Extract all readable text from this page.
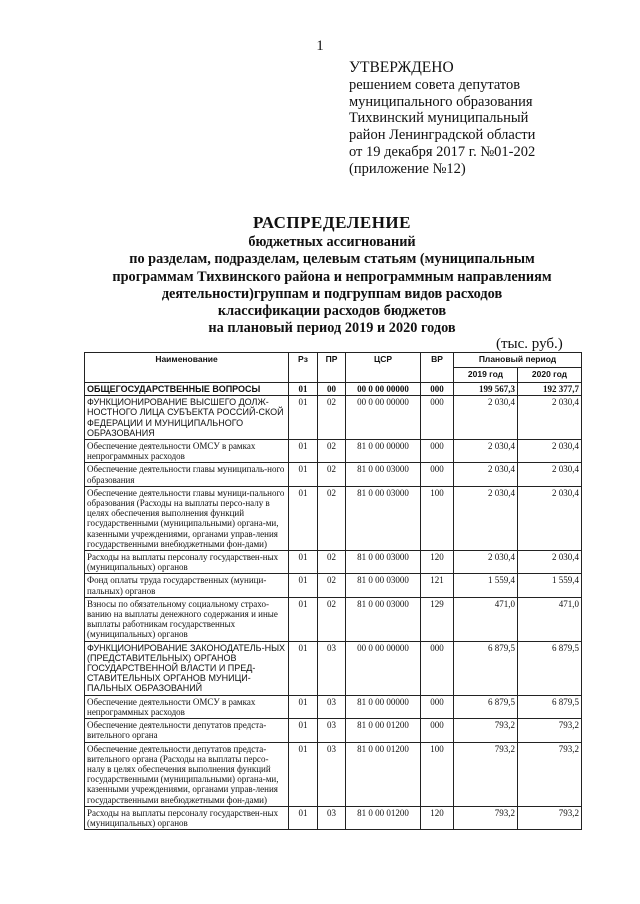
1
УТВЕРЖДЕНО
решением совета депутатов
муниципального образования
Тихвинский муниципальный
район Ленинградской области
от 19 декабря 2017 г. №01-202
(приложение №12)
РАСПРЕДЕЛЕНИЕ
бюджетных ассигнований
по разделам, подразделам, целевым статьям (муниципальным
программам Тихвинского района и непрограммным направлениям
деятельности)группам и подгруппам видов расходов
классификации расходов бюджетов
на плановый период 2019 и 2020 годов
(тыс. руб.)
Наименование	Рз	ПР	ЦСР	ВР	Плановый период	
					2019 год	2020 год
ОБЩЕГОСУДАРСТВЕННЫЕ ВОПРОСЫ	01	00	00 0 00 00000	000	199 567,3	192 377,7
ФУНКЦИОНИРОВАНИЕ ВЫСШЕГО ДОЛЖ-НОСТНОГО ЛИЦА СУБЪЕКТА РОССИЙ-СКОЙ ФЕДЕРАЦИИ И МУНИЦИПАЛЬНОГО ОБРАЗОВАНИЯ	01	02	00 0 00 00000	000	2 030,4	2 030,4
Обеспечение деятельности ОМСУ в рамках непрограммных расходов	01	02	81 0 00 00000	000	2 030,4	2 030,4
Обеспечение деятельности главы муниципаль-ного образования	01	02	81 0 00 03000	000	2 030,4	2 030,4
Обеспечение деятельности главы муници-пального образования (Расходы на выплаты персо-налу в целях обеспечения выполнения функций государственными (муниципальными) органа-ми, казенными учреждениями, органами управ-ления государственными внебюджетными фон-дами)	01	02	81 0 00 03000	100	2 030,4	2 030,4
Расходы на выплаты персоналу государствен-ных (муниципальных) органов	01	02	81 0 00 03000	120	2 030,4	2 030,4
Фонд оплаты труда государственных (муници-пальных) органов	01	02	81 0 00 03000	121	1 559,4	1 559,4
Взносы по обязательному социальному страхо-ванию на выплаты денежного содержания и иные выплаты работникам государственных (муниципальных) органов	01	02	81 0 00 03000	129	471,0	471,0
ФУНКЦИОНИРОВАНИЕ ЗАКОНОДАТЕЛЬ-НЫХ (ПРЕДСТАВИТЕЛЬНЫХ) ОРГАНОВ ГОСУДАРСТВЕННОЙ ВЛАСТИ И ПРЕД-СТАВИТЕЛЬНЫХ ОРГАНОВ МУНИЦИ-ПАЛЬНЫХ ОБРАЗОВАНИЙ	01	03	00 0 00 00000	000	6 879,5	6 879,5
Обеспечение деятельности ОМСУ в рамках непрограммных расходов	01	03	81 0 00 00000	000	6 879,5	6 879,5
Обеспечение деятельности депутатов предста-вительного органа	01	03	81 0 00 01200	000	793,2	793,2
Обеспечение деятельности депутатов предста-вительного органа (Расходы на выплаты персо-налу в целях обеспечения выполнения функций государственными (муниципальными) органа-ми, казенными учреждениями, органами управ-ления государственными внебюджетными фон-дами)	01	03	81 0 00 01200	100	793,2	793,2
Расходы на выплаты персоналу государствен-ных (муниципальных) органов	01	03	81 0 00 01200	120	793,2	793,2
